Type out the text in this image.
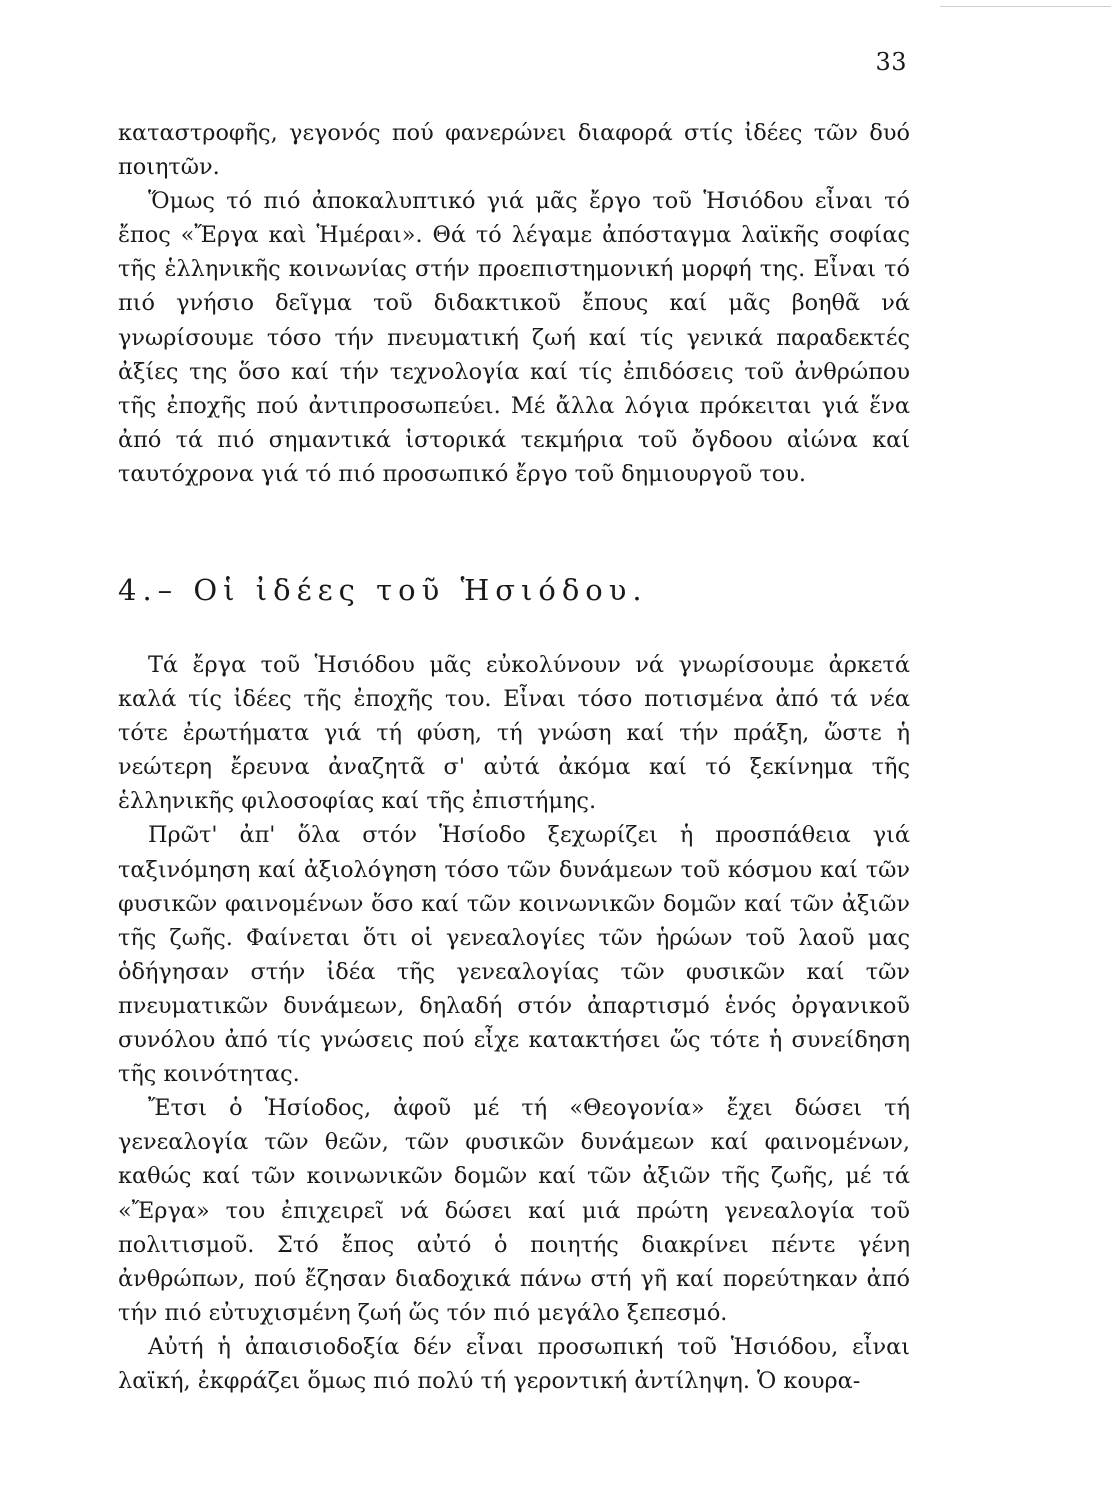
33

καταστροφῆς, γεγονός πού φανερώνει διαφορά στίς ἰδέες τῶν δυό ποιητῶν.

Ὅμως τό πιό ἀποκαλυπτικό γιά μᾶς ἔργο τοῦ Ἡσιόδου εἶναι τό ἔπος «Ἔργα καὶ Ἡμέραι». Θά τό λέγαμε ἀπόσταγμα λαϊκῆς σοφίας τῆς ἑλληνικῆς κοινωνίας στήν προεπιστημονική μορφή της. Εἶναι τό πιό γνήσιο δεῖγμα τοῦ διδακτικοῦ ἔπους καί μᾶς βοηθᾶ νά γνωρίσουμε τόσο τήν πνευματική ζωή καί τίς γενικά παραδεκτές ἀξίες της ὅσο καί τήν τεχνολογία καί τίς ἐπιδόσεις τοῦ ἀνθρώπου τῆς ἐποχῆς πού ἀντιπροσωπεύει. Μέ ἄλλα λόγια πρόκειται γιά ἕνα ἀπό τά πιό σημαντικά ἱστορικά τεκμήρια τοῦ ὄγδοου αἰώνα καί ταυτόχρονα γιά τό πιό προσωπικό ἔργο τοῦ δημιουργοῦ του.

4.– Οἱ ἰδέες τοῦ Ἡσιόδου.

Τά ἔργα τοῦ Ἡσιόδου μᾶς εὐκολύνουν νά γνωρίσουμε ἀρκετά καλά τίς ἰδέες τῆς ἐποχῆς του. Εἶναι τόσο ποτισμένα ἀπό τά νέα τότε ἐρωτήματα γιά τή φύση, τή γνώση καί τήν πράξη, ὥστε ἡ νεώτερη ἔρευνα ἀναζητᾶ σ' αὐτά ἀκόμα καί τό ξεκίνημα τῆς ἑλληνικῆς φιλοσοφίας καί τῆς ἐπιστήμης.

Πρῶτ' ἀπ' ὅλα στόν Ἡσίοδο ξεχωρίζει ἡ προσπάθεια γιά ταξινόμηση καί ἀξιολόγηση τόσο τῶν δυνάμεων τοῦ κόσμου καί τῶν φυσικῶν φαινομένων ὅσο καί τῶν κοινωνικῶν δομῶν καί τῶν ἀξιῶν τῆς ζωῆς. Φαίνεται ὅτι οἱ γενεαλογίες τῶν ἡρώων τοῦ λαοῦ μας ὁδήγησαν στήν ἰδέα τῆς γενεαλογίας τῶν φυσικῶν καί τῶν πνευματικῶν δυνάμεων, δηλαδή στόν ἀπαρτισμό ἑνός ὀργανικοῦ συνόλου ἀπό τίς γνώσεις πού εἶχε κατακτήσει ὥς τότε ἡ συνείδηση τῆς κοινότητας.

Ἔτσι ὁ Ἡσίοδος, ἀφοῦ μέ τή «Θεογονία» ἔχει δώσει τή γενεαλογία τῶν θεῶν, τῶν φυσικῶν δυνάμεων καί φαινομένων, καθώς καί τῶν κοινωνικῶν δομῶν καί τῶν ἀξιῶν τῆς ζωῆς, μέ τά «Ἔργα» του ἐπιχειρεῖ νά δώσει καί μιά πρώτη γενεαλογία τοῦ πολιτισμοῦ. Στό ἔπος αὐτό ὁ ποιητής διακρίνει πέντε γένη ἀνθρώπων, πού ἔζησαν διαδοχικά πάνω στή γῆ καί πορεύτηκαν ἀπό τήν πιό εὐτυχισμένη ζωή ὥς τόν πιό μεγάλο ξεπεσμό.

Αὐτή ἡ ἀπαισιοδοξία δέν εἶναι προσωπική τοῦ Ἡσιόδου, εἶναι λαϊκή, ἐκφράζει ὅμως πιό πολύ τή γεροντική ἀντίληψη. Ὁ κουρα-
